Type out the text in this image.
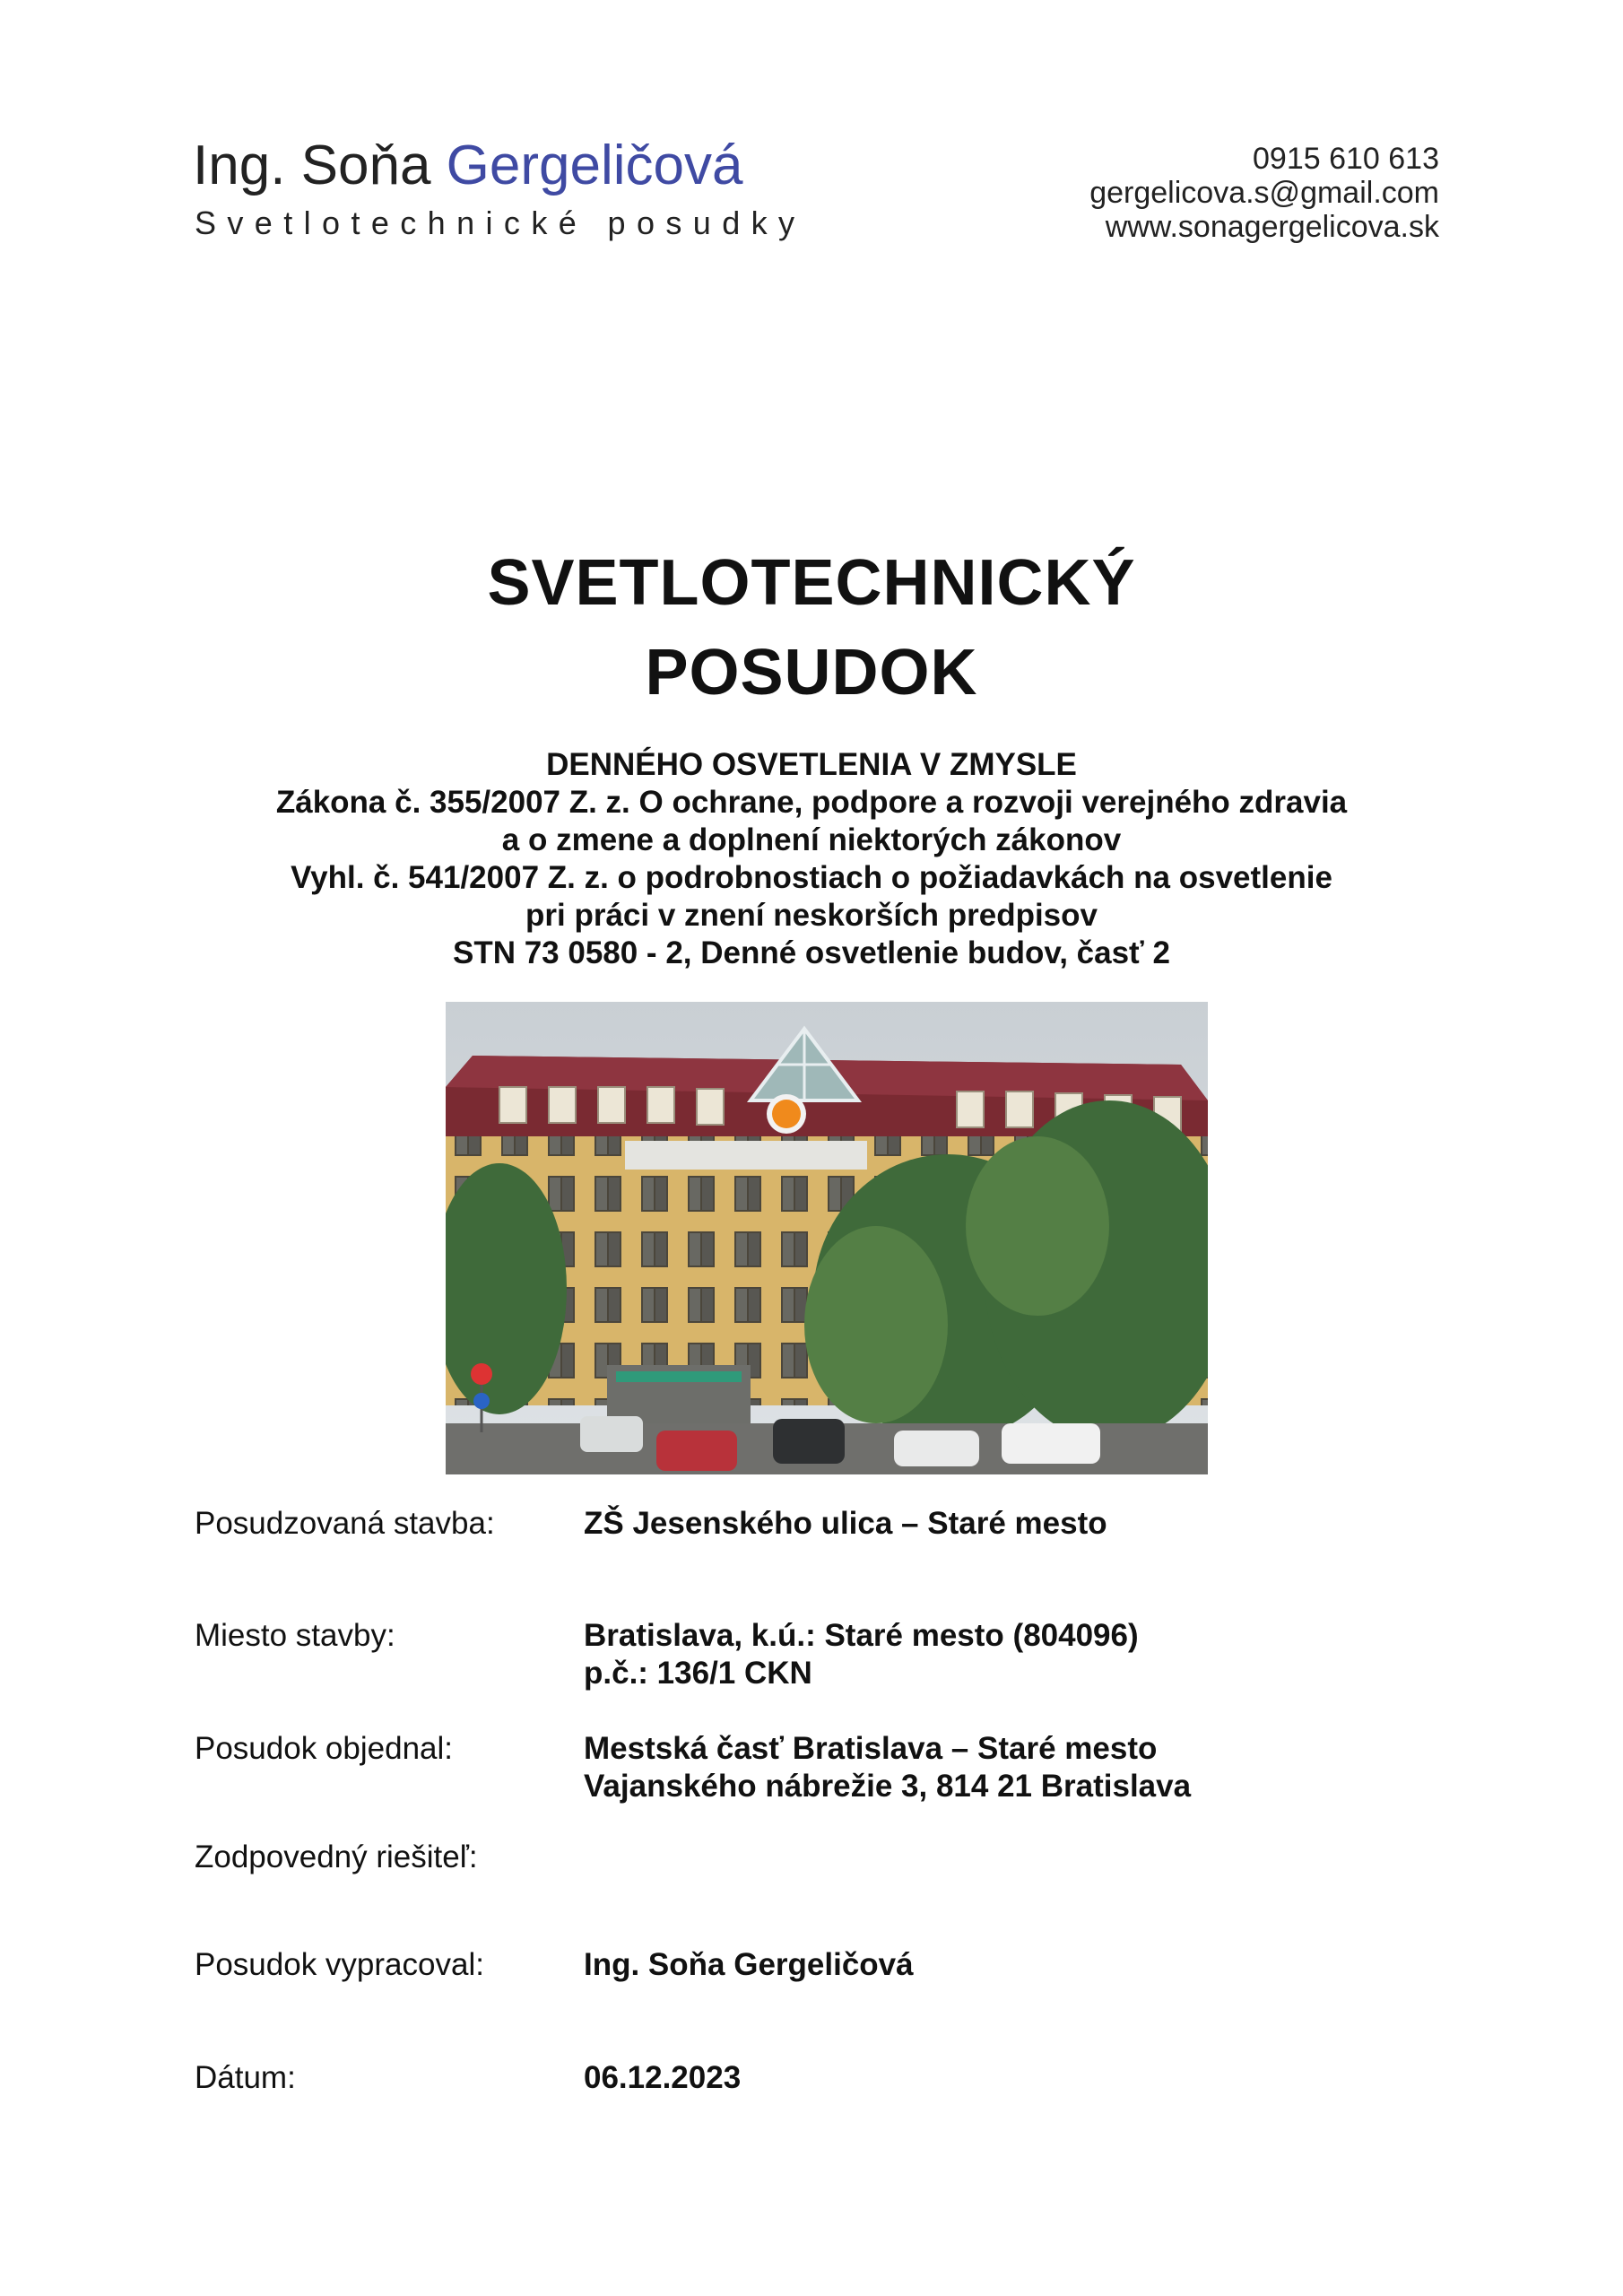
Ing. Soňa Gergeličová
Svetlotechnické posudky
0915 610 613
gergelicova.s@gmail.com
www.sonagergelicova.sk
SVETLOTECHNICKÝ
POSUDOK
DENNÉHO OSVETLENIA V ZMYSLE
Zákona č. 355/2007 Z. z. O ochrane, podpore a rozvoji verejného zdravia
a o zmene a doplnení niektorých zákonov
Vyhl. č. 541/2007 Z. z. o podrobnostiach o požiadavkách na osvetlenie
pri práci v znení neskorších predpisov
STN 73 0580 - 2, Denné osvetlenie budov, časť 2
Posudzovaná stavba:	ZŠ Jesenského ulica – Staré mesto
Miesto stavby:	Bratislava, k.ú.: Staré mesto (804096)
p.č.: 136/1 CKN
Posudok objednal:	Mestská časť Bratislava – Staré mesto
Vajanského nábrežie 3, 814 21 Bratislava
Zodpovedný riešiteľ:
Posudok vypracoval:	Ing. Soňa Gergeličová
Dátum:	06.12.2023
